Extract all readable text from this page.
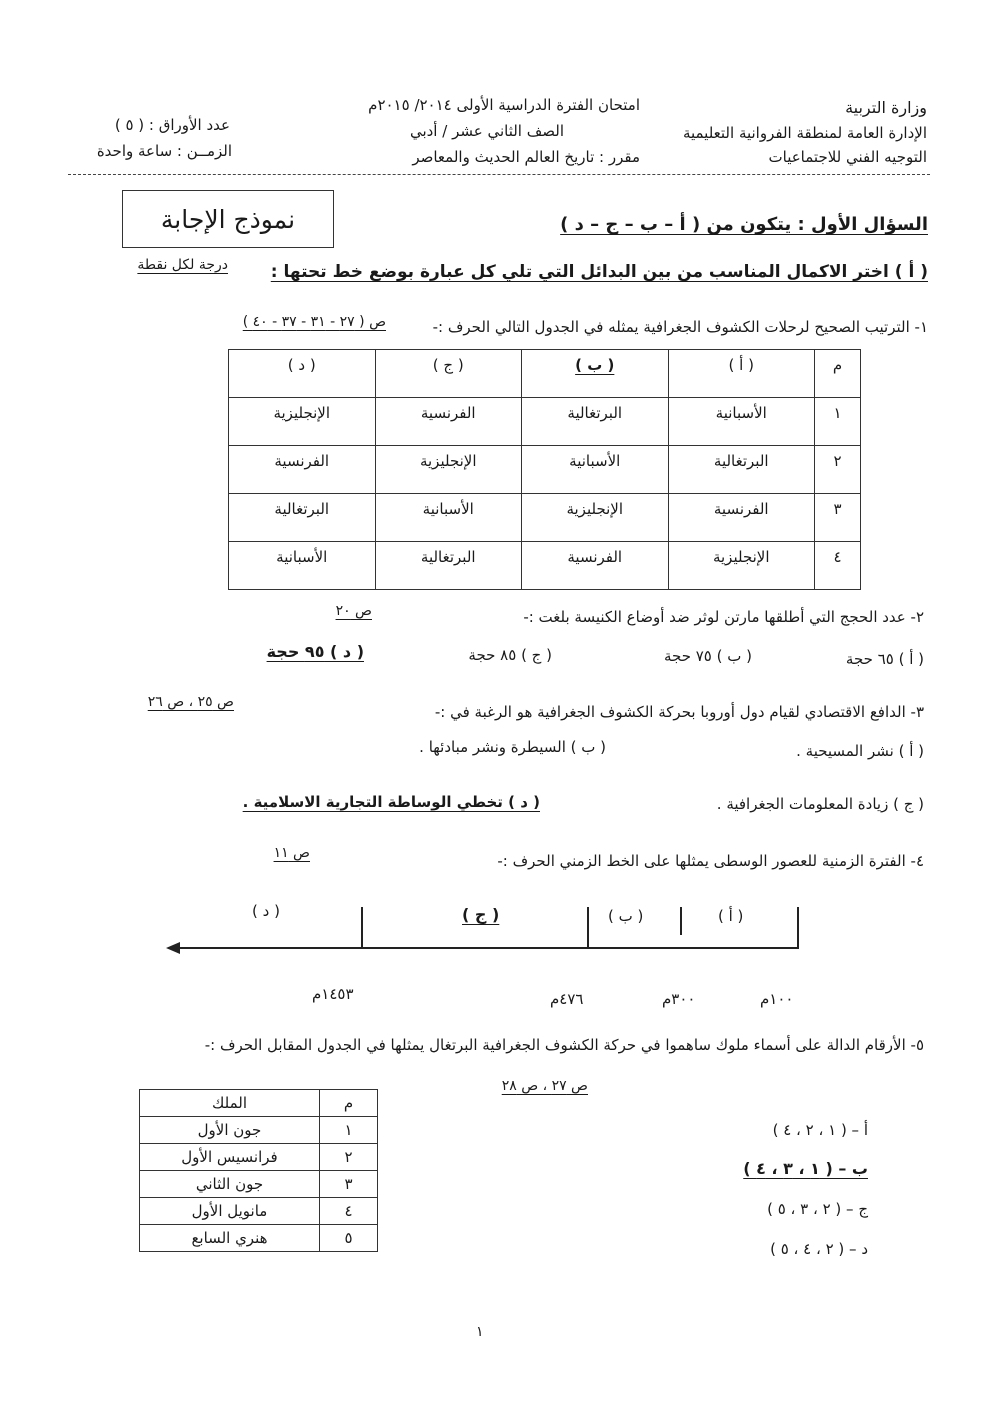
وزارة التربية
الإدارة العامة لمنطقة الفروانية التعليمية
التوجيه الفني للاجتماعيات
امتحان الفترة الدراسية الأولى ٢٠١٤/ ٢٠١٥م
الصف الثاني عشر / أدبي
مقرر : تاريخ العالم الحديث والمعاصر
عدد الأوراق : ( ٥ )
الزمــن : ساعة واحدة
نموذج الإجابة	السؤال الأول : يتكون من ( أ – ب – ج – د )
( أ ) اختر الاكمال المناسب من بين البدائل التي تلي كل عبارة بوضع خط تحتها :
درجة لكل نقطة
١- الترتيب الصحيح لرحلات الكشوف الجغرافية يمثله في الجدول التالي الحرف :-
ص ( ٢٧ - ٣١ - ٣٧ - ٤٠ )
م	( أ )	( ب )	( ج )	( د )
١	الأسبانية	البرتغالية	الفرنسية	الإنجليزية
٢	البرتغالية	الأسبانية	الإنجليزية	الفرنسية
٣	الفرنسية	الإنجليزية	الأسبانية	البرتغالية
٤	الإنجليزية	الفرنسية	البرتغالية	الأسبانية
٢- عدد الحجج التي أطلقها مارتن لوثر ضد أوضاع الكنيسة بلغت :-
ص ٢٠
( أ ) ٦٥ حجة
( ب ) ٧٥ حجة
( ج ) ٨٥ حجة
( د ) ٩٥ حجة
٣- الدافع الاقتصادي لقيام دول أوروبا بحركة الكشوف الجغرافية هو الرغبة في :-
ص ٢٥ ، ص ٢٦
( أ ) نشر المسيحية .
( ب ) السيطرة ونشر مبادئها .
( ج ) زيادة المعلومات الجغرافية .
( د ) تخطي الوساطة التجارية الاسلامية .
٤- الفترة الزمنية للعصور الوسطى يمثلها على الخط الزمني الحرف :-
ص ١١
( د )	( ج )	( ب )	( أ )
١٤٥٣م	٤٧٦م	٣٠٠م	١٠٠م
٥- الأرقام الدالة على أسماء ملوك ساهموا في حركة الكشوف الجغرافية البرتغال يمثلها في الجدول المقابل الحرف :-
ص ٢٧ ، ص ٢٨
م	الملك
١	جون الأول
٢	فرانسيس الأول
٣	جون الثاني
٤	مانويل الأول
٥	هنري السابع
أ – ( ١ ، ٢ ، ٤ )
ب – ( ١ ، ٣ ، ٤ )
ج – ( ٢ ، ٣ ، ٥ )
د – ( ٢ ، ٤ ، ٥ )
١
